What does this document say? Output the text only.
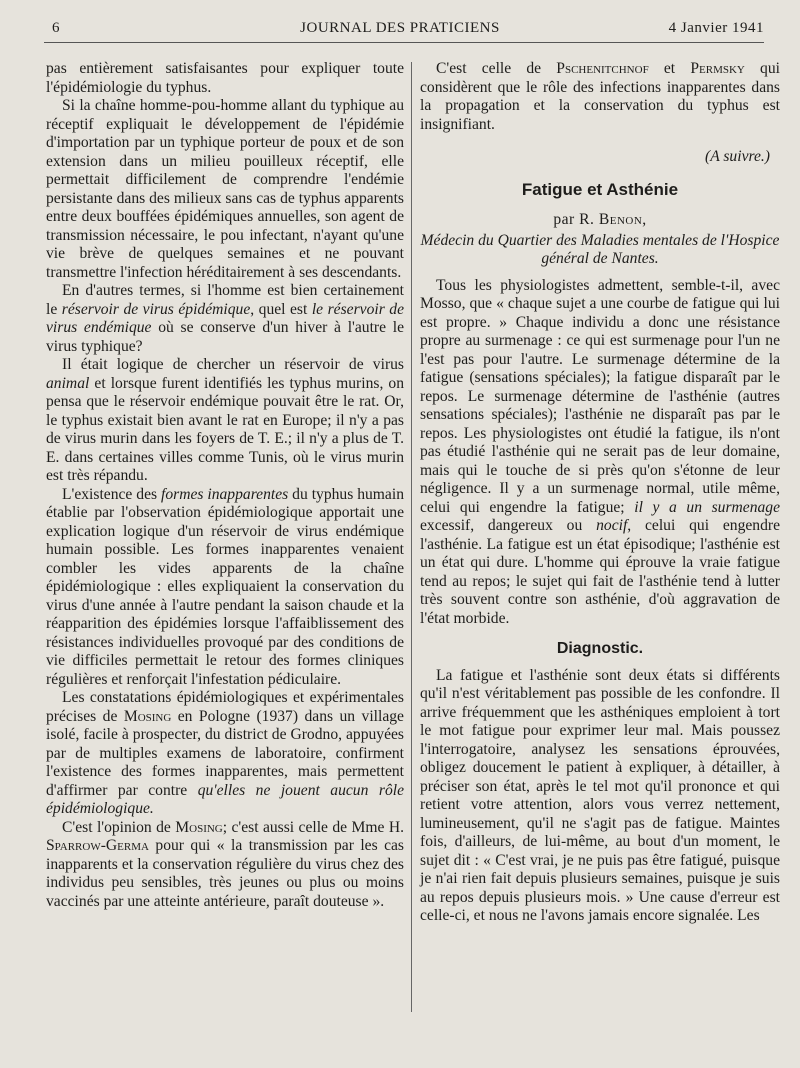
6	JOURNAL DES PRATICIENS	4 Janvier 1941

pas entièrement satisfaisantes pour expliquer toute l'épidémiologie du typhus.

Si la chaîne homme-pou-homme allant du typhique au réceptif expliquait le développement de l'épidémie d'importation par un typhique porteur de poux et de son extension dans un milieu pouilleux réceptif, elle permettait difficilement de comprendre l'endémie persistante dans des milieux sans cas de typhus apparents entre deux bouffées épidémiques annuelles, son agent de transmission nécessaire, le pou infectant, n'ayant qu'une vie brève de quelques semaines et ne pouvant transmettre l'infection héréditairement à ses descendants.

En d'autres termes, si l'homme est bien certainement le réservoir de virus épidémique, quel est le réservoir de virus endémique où se conserve d'un hiver à l'autre le virus typhique?

Il était logique de chercher un réservoir de virus animal et lorsque furent identifiés les typhus murins, on pensa que le réservoir endémique pouvait être le rat. Or, le typhus existait bien avant le rat en Europe; il n'y a pas de virus murin dans les foyers de T. E.; il n'y a plus de T. E. dans certaines villes comme Tunis, où le virus murin est très répandu.

L'existence des formes inapparentes du typhus humain établie par l'observation épidémiologique apportait une explication logique d'un réservoir de virus endémique humain possible. Les formes inapparentes venaient combler les vides apparents de la chaîne épidémiologique : elles expliquaient la conservation du virus d'une année à l'autre pendant la saison chaude et la réapparition des épidémies lorsque l'affaiblissement des résistances individuelles provoqué par des conditions de vie difficiles permettait le retour des formes cliniques régulières et renforçait l'infestation pédiculaire.

Les constatations épidémiologiques et expérimentales précises de Mosing en Pologne (1937) dans un village isolé, facile à prospecter, du district de Grodno, appuyées par de multiples examens de laboratoire, confirment l'existence des formes inapparentes, mais permettent d'affirmer par contre qu'elles ne jouent aucun rôle épidémiologique.

C'est l'opinion de Mosing; c'est aussi celle de Mme H. Sparrow-Germa pour qui « la transmission par les cas inapparents et la conservation régulière du virus chez des individus peu sensibles, très jeunes ou plus ou moins vaccinés par une atteinte antérieure, paraît douteuse ».

C'est celle de Pschenitchnof et Permsky qui considèrent que le rôle des infections inapparentes dans la propagation et la conservation du typhus est insignifiant.

(A suivre.)

Fatigue et Asthénie

par R. Benon,

Médecin du Quartier des Maladies mentales de l'Hospice général de Nantes.

Tous les physiologistes admettent, semble-t-il, avec Mosso, que « chaque sujet a une courbe de fatigue qui lui est propre. » Chaque individu a donc une résistance propre au surmenage : ce qui est surmenage pour l'un ne l'est pas pour l'autre. Le surmenage détermine de la fatigue (sensations spéciales); la fatigue disparaît par le repos. Le surmenage détermine de l'asthénie (autres sensations spéciales); l'asthénie ne disparaît pas par le repos. Les physiologistes ont étudié la fatigue, ils n'ont pas étudié l'asthénie qui ne serait pas de leur domaine, mais qui le touche de si près qu'on s'étonne de leur négligence. Il y a un surmenage normal, utile même, celui qui engendre la fatigue; il y a un surmenage excessif, dangereux ou nocif, celui qui engendre l'asthénie. La fatigue est un état épisodique; l'asthénie est un état qui dure. L'homme qui éprouve la vraie fatigue tend au repos; le sujet qui fait de l'asthénie tend à lutter très souvent contre son asthénie, d'où aggravation de l'état morbide.

Diagnostic.

La fatigue et l'asthénie sont deux états si différents qu'il n'est véritablement pas possible de les confondre. Il arrive fréquemment que les asthéniques emploient à tort le mot fatigue pour exprimer leur mal. Mais poussez l'interrogatoire, analysez les sensations éprouvées, obligez doucement le patient à expliquer, à détailler, à préciser son état, après le tel mot qu'il prononce et qui retient votre attention, alors vous verrez nettement, lumineusement, qu'il ne s'agit pas de fatigue. Maintes fois, d'ailleurs, de lui-même, au bout d'un moment, le sujet dit : « C'est vrai, je ne puis pas être fatigué, puisque je n'ai rien fait depuis plusieurs semaines, puisque je suis au repos depuis plusieurs mois. » Une cause d'erreur est celle-ci, et nous ne l'avons jamais encore signalée. Les
